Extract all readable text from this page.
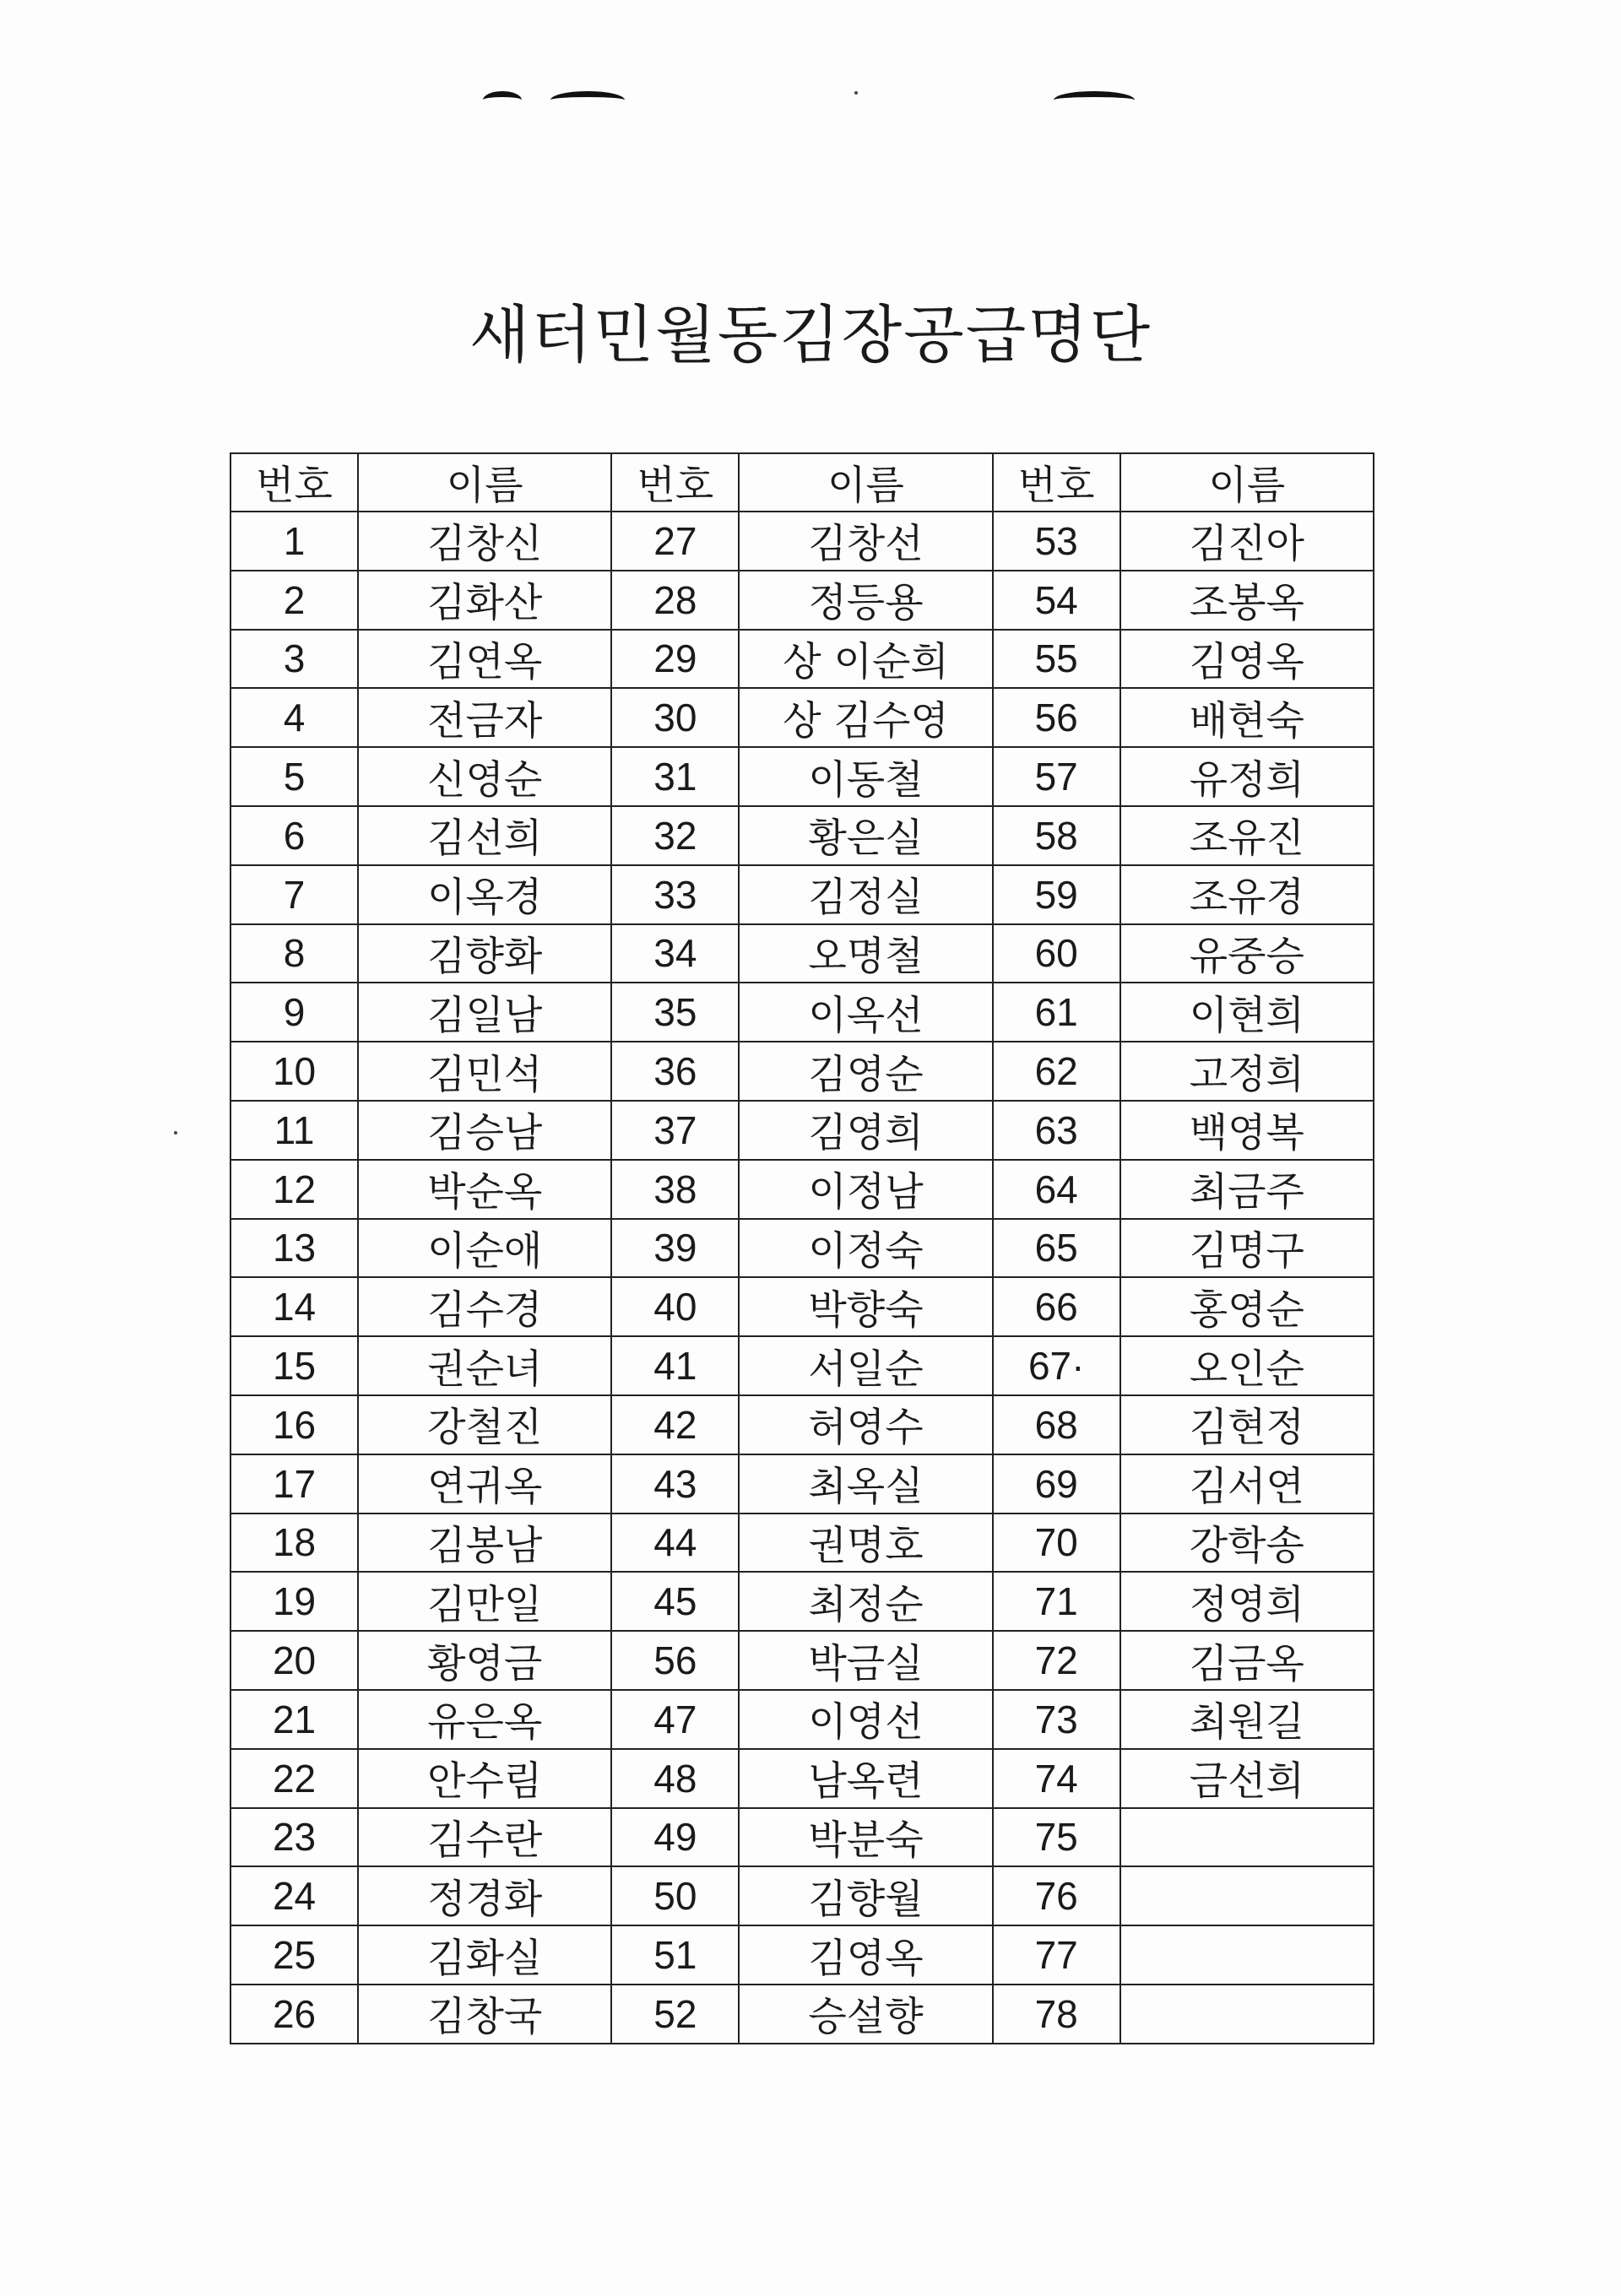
새터민월동김장공급명단
번호	이름	번호	이름	번호	이름
1	김창신	27	김창선	53	김진아
2	김화산	28	정등용	54	조봉옥
3	김연옥	29	상 이순희	55	김영옥
4	전금자	30	상 김수영	56	배현숙
5	신영순	31	이동철	57	유정희
6	김선희	32	황은실	58	조유진
7	이옥경	33	김정실	59	조유경
8	김향화	34	오명철	60	유중승
9	김일남	35	이옥선	61	이현희
10	김민석	36	김영순	62	고정희
11	김승남	37	김영희	63	백영복
12	박순옥	38	이정남	64	최금주
13	이순애	39	이정숙	65	김명구
14	김수경	40	박향숙	66	홍영순
15	권순녀	41	서일순	67·	오인순
16	강철진	42	허영수	68	김현정
17	연귀옥	43	최옥실	69	김서연
18	김봉남	44	권명호	70	강학송
19	김만일	45	최정순	71	정영희
20	황영금	56	박금실	72	김금옥
21	유은옥	47	이영선	73	최원길
22	안수림	48	남옥련	74	금선희
23	김수란	49	박분숙	75	
24	정경화	50	김향월	76	
25	김화실	51	김영옥	77	
26	김창국	52	승설향	78	
